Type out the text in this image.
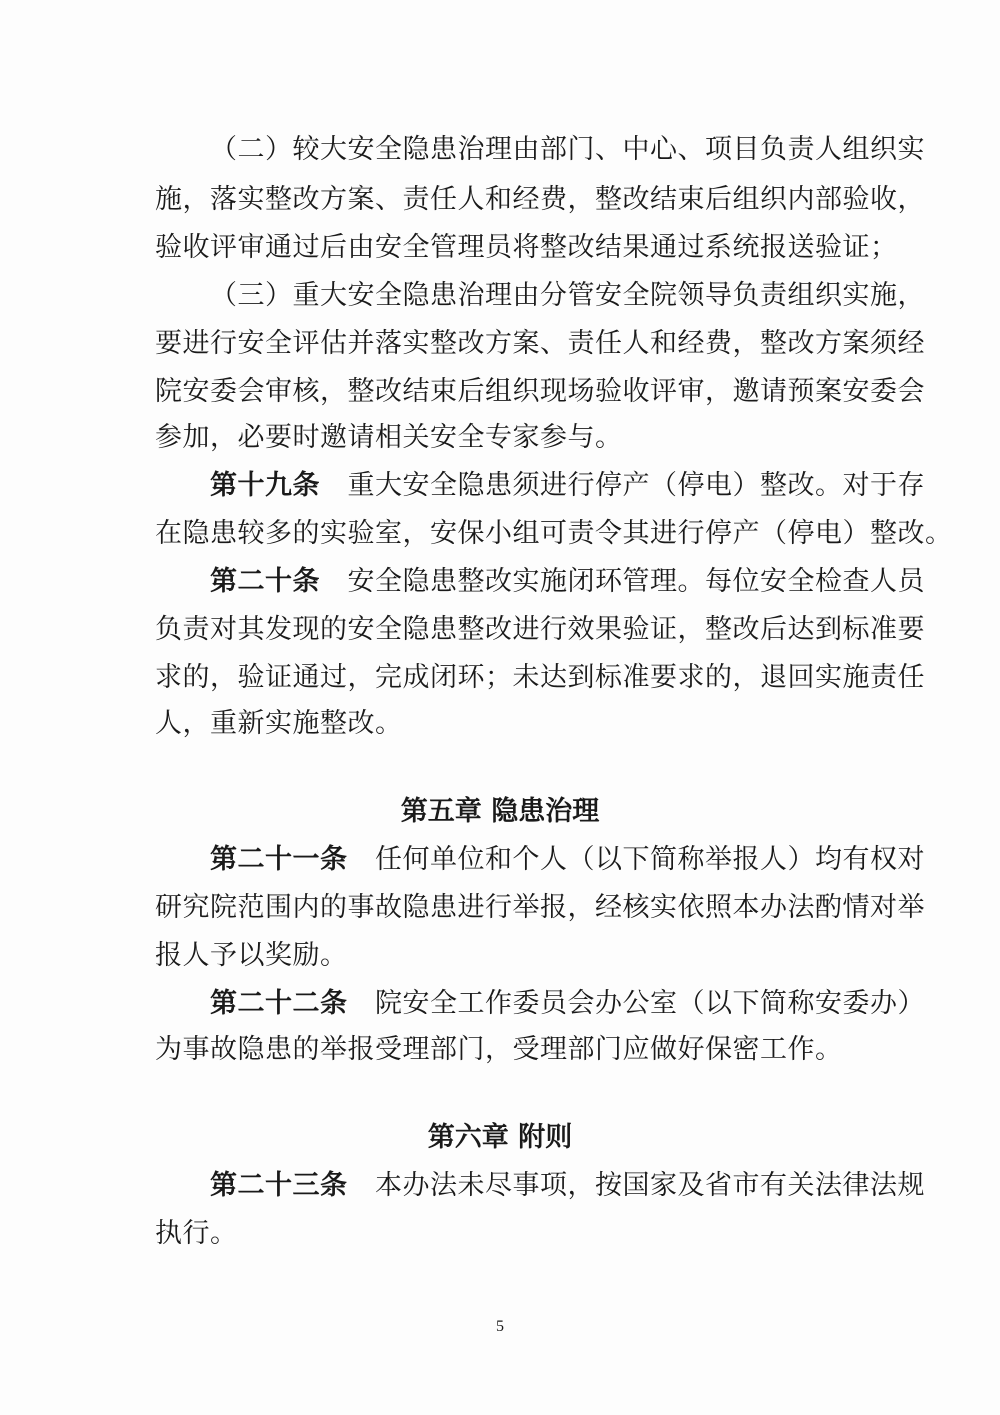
（二）较大安全隐患治理由部门、中心、项目负责人组织实
施，落实整改方案、责任人和经费，整改结束后组织内部验收，
验收评审通过后由安全管理员将整改结果通过系统报送验证；
（三）重大安全隐患治理由分管安全院领导负责组织实施，
要进行安全评估并落实整改方案、责任人和经费，整改方案须经
院安委会审核，整改结束后组织现场验收评审，邀请预案安委会
参加，必要时邀请相关安全专家参与。
第十九条  重大安全隐患须进行停产（停电）整改。对于存
在隐患较多的实验室，安保小组可责令其进行停产（停电）整改。
第二十条  安全隐患整改实施闭环管理。每位安全检查人员
负责对其发现的安全隐患整改进行效果验证，整改后达到标准要
求的，验证通过，完成闭环；未达到标准要求的，退回实施责任
人，重新实施整改。
第五章 隐患治理
第二十一条  任何单位和个人（以下简称举报人）均有权对
研究院范围内的事故隐患进行举报，经核实依照本办法酌情对举
报人予以奖励。
第二十二条  院安全工作委员会办公室（以下简称安委办）
为事故隐患的举报受理部门，受理部门应做好保密工作。
第六章 附则
第二十三条  本办法未尽事项，按国家及省市有关法律法规
执行。
5
